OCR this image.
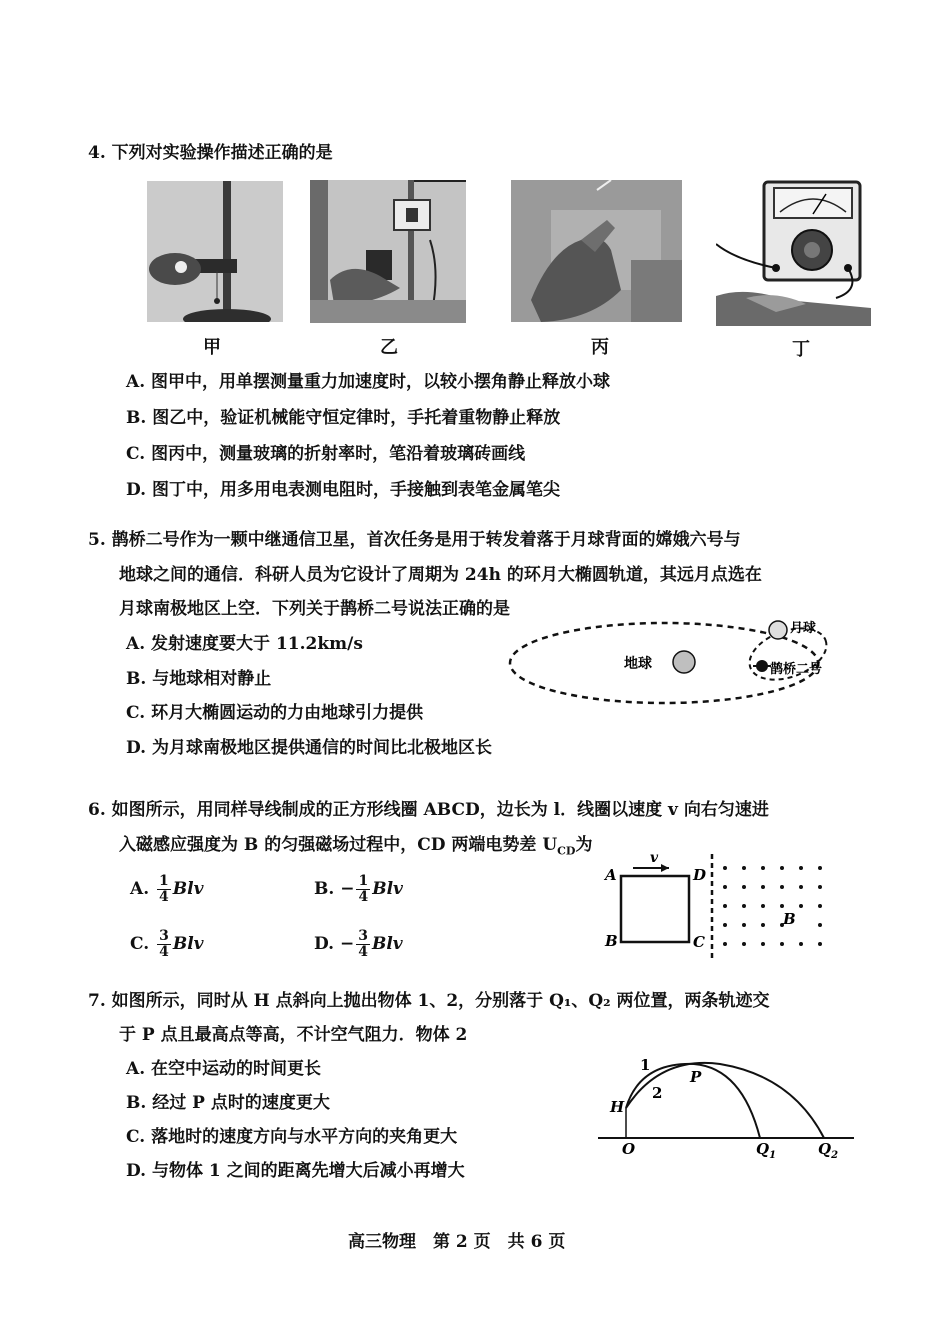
4. 下列对实验操作描述正确的是
甲	乙	丙	丁
A. 图甲中，用单摆测量重力加速度时，以较小摆角静止释放小球
B. 图乙中，验证机械能守恒定律时，手托着重物静止释放
C. 图丙中，测量玻璃的折射率时，笔沿着玻璃砖画线
D. 图丁中，用多用电表测电阻时，手接触到表笔金属笔尖
5. 鹊桥二号作为一颗中继通信卫星，首次任务是用于转发着落于月球背面的嫦娥六号与
地球之间的通信．科研人员为它设计了周期为 24h 的环月大椭圆轨道，其远月点选在
月球南极地区上空．下列关于鹊桥二号说法正确的是
A. 发射速度要大于 11.2km/s
B. 与地球相对静止
C. 环月大椭圆运动的力由地球引力提供
D. 为月球南极地区提供通信的时间比北极地区长
地球
月球
鹊桥二号
6. 如图所示，用同样导线制成的正方形线圈 ABCD，边长为 l．线圈以速度 v 向右匀速进
入磁感应强度为 B 的匀强磁场过程中，CD 两端电势差 $U_{CD}$为
A. $\frac{1}{4}$ Blv	B. − $\frac{1}{4}$ Blv
C. $\frac{3}{4}$ Blv	D. − $\frac{3}{4}$ Blv
A	D
B	C
v
B
7. 如图所示，同时从 H 点斜向上抛出物体 1、2，分别落于 Q₁、Q₂ 两位置，两条轨迹交
于 P 点且最高点等高，不计空气阻力．物体 2
A. 在空中运动的时间更长
B. 经过 P 点时的速度更大
C. 落地时的速度方向与水平方向的夹角更大
D. 与物体 1 之间的距离先增大后减小再增大
1
2
P
H
O	$Q_1$	$Q_2$
高三物理　第 2 页　共 6 页
